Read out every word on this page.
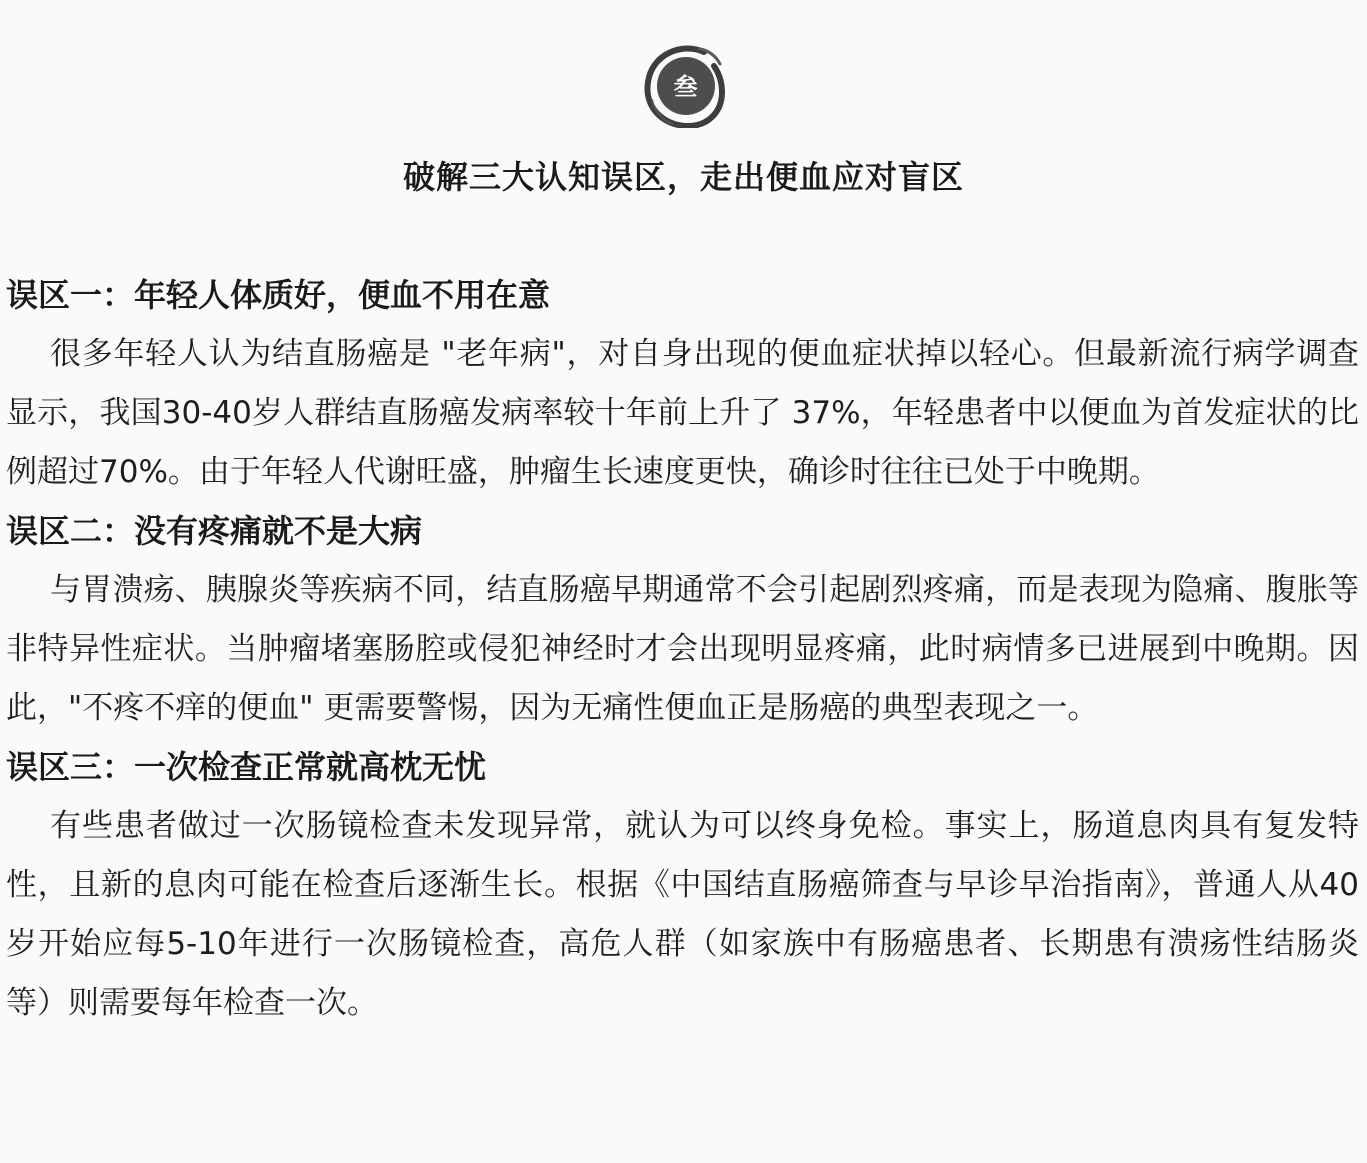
叁
破解三大认知误区，走出便血应对盲区

误区一：年轻人体质好，便血不用在意

很多年轻人认为结直肠癌是 "老年病"，对自身出现的便血症状掉以轻心。但最新流行病学调查显示，我国30-40岁人群结直肠癌发病率较十年前上升了 37%，年轻患者中以便血为首发症状的比例超过70%。由于年轻人代谢旺盛，肿瘤生长速度更快，确诊时往往已处于中晚期。

误区二：没有疼痛就不是大病

与胃溃疡、胰腺炎等疾病不同，结直肠癌早期通常不会引起剧烈疼痛，而是表现为隐痛、腹胀等非特异性症状。当肿瘤堵塞肠腔或侵犯神经时才会出现明显疼痛，此时病情多已进展到中晚期。因此，"不疼不痒的便血" 更需要警惕，因为无痛性便血正是肠癌的典型表现之一。

误区三：一次检查正常就高枕无忧

有些患者做过一次肠镜检查未发现异常，就认为可以终身免检。事实上，肠道息肉具有复发特性，且新的息肉可能在检查后逐渐生长。根据《中国结直肠癌筛查与早诊早治指南》，普通人从40岁开始应每5-10年进行一次肠镜检查，高危人群（如家族中有肠癌患者、长期患有溃疡性结肠炎等）则需要每年检查一次。
